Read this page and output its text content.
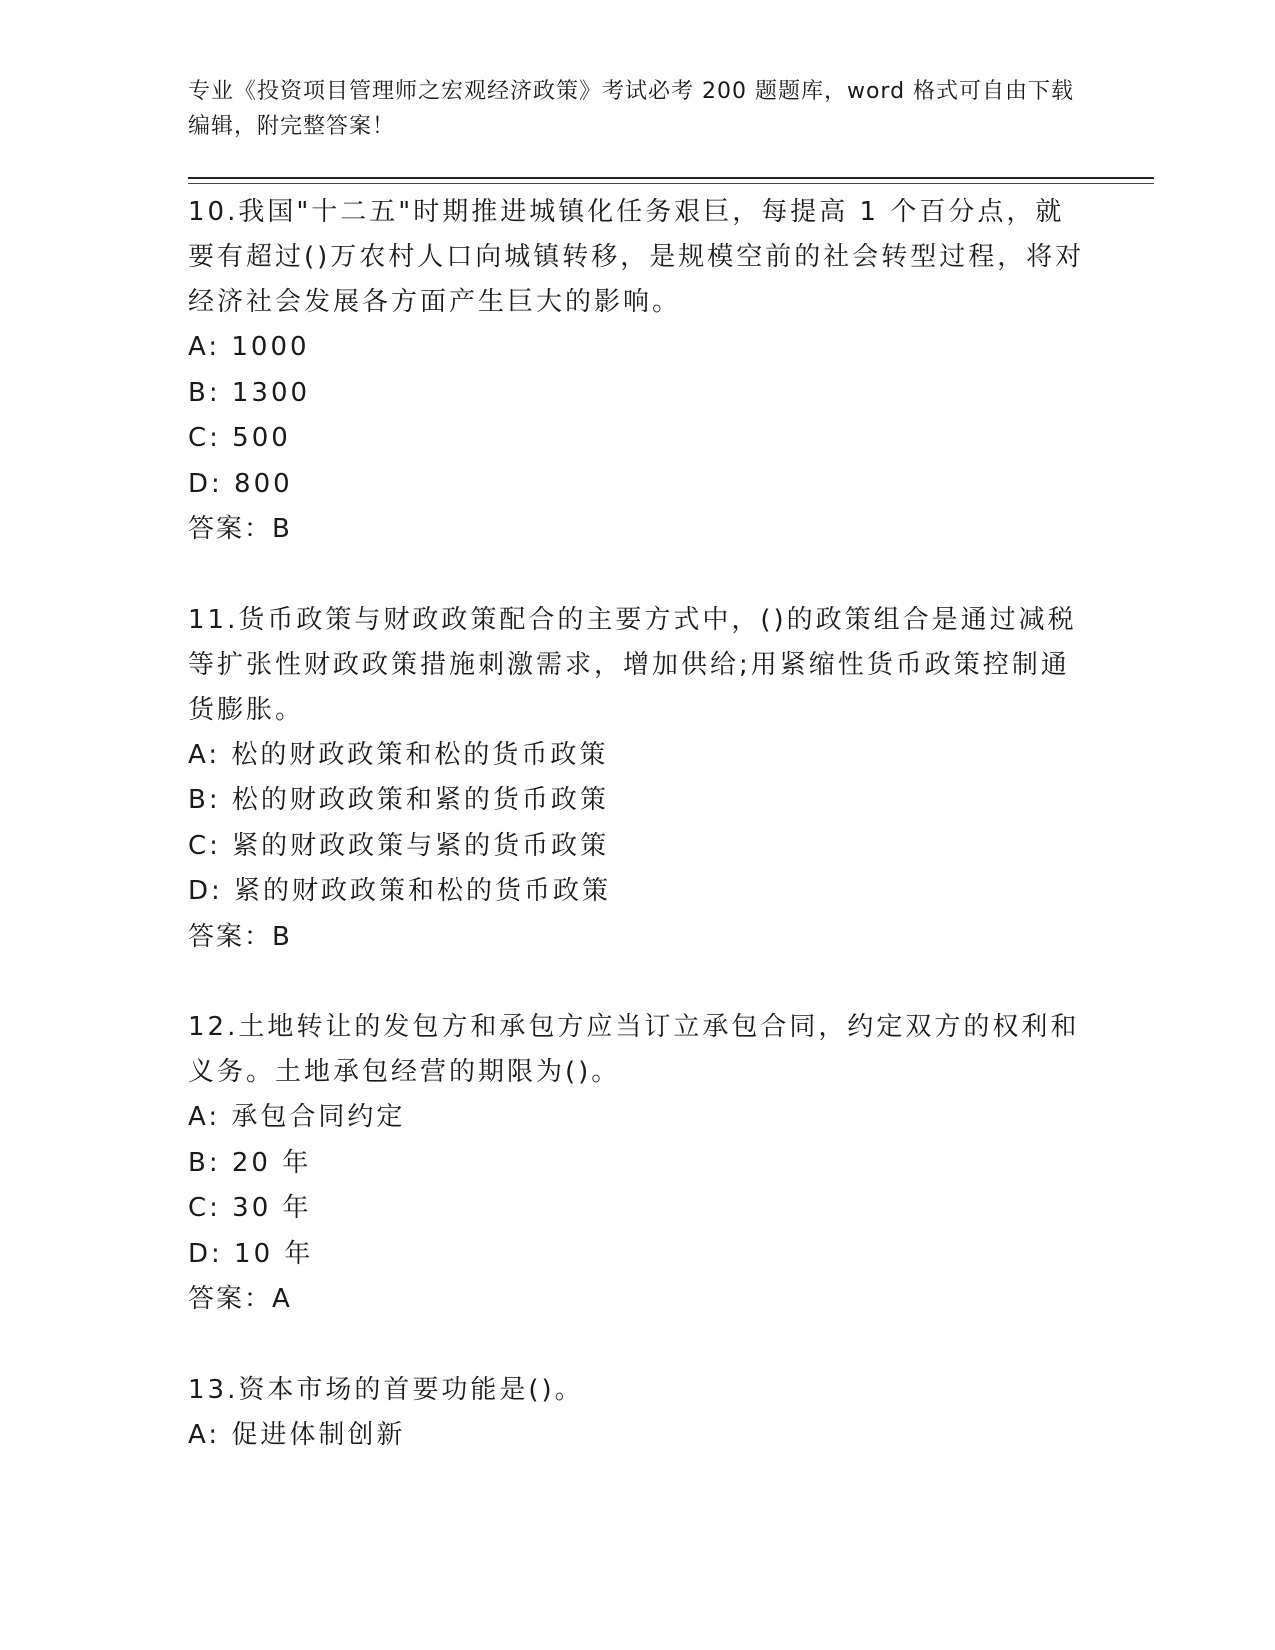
专业《投资项目管理师之宏观经济政策》考试必考 200 题题库，word 格式可自由下载编辑，附完整答案！

10.我国"十二五"时期推进城镇化任务艰巨，每提高 1 个百分点，就要有超过()万农村人口向城镇转移，是规模空前的社会转型过程，将对经济社会发展各方面产生巨大的影响。

A: 1000

B: 1300

C: 500

D: 800

答案：B

11.货币政策与财政政策配合的主要方式中，()的政策组合是通过减税等扩张性财政政策措施刺激需求，增加供给;用紧缩性货币政策控制通货膨胀。

A: 松的财政政策和松的货币政策

B: 松的财政政策和紧的货币政策

C: 紧的财政政策与紧的货币政策

D: 紧的财政政策和松的货币政策

答案：B

12.土地转让的发包方和承包方应当订立承包合同，约定双方的权利和义务。土地承包经营的期限为()。

A: 承包合同约定

B: 20 年

C: 30 年

D: 10 年

答案：A

13.资本市场的首要功能是()。

A: 促进体制创新
